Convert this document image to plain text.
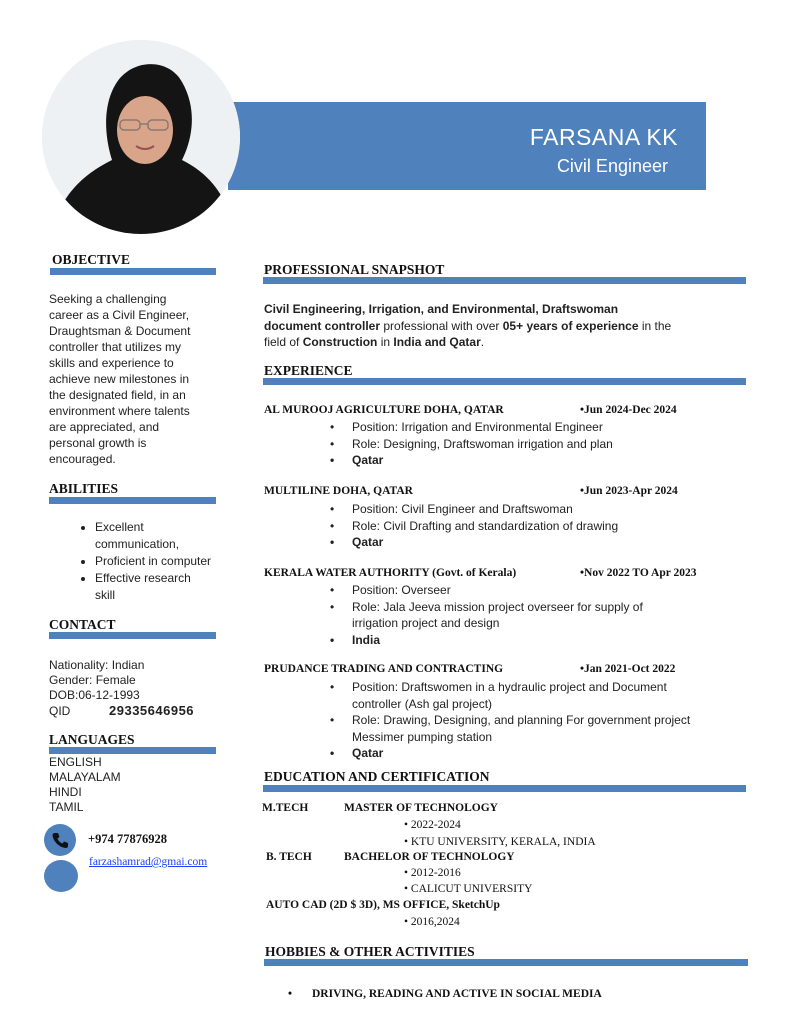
FARSANA KK
Civil Engineer
OBJECTIVE
Seeking a challenging
career as a Civil Engineer,
Draughtsman & Document
controller that utilizes my
skills and experience to
achieve new milestones in
the designated field, in an
environment where talents
are appreciated, and
personal growth is
encouraged.
ABILITIES
• Excellent communication,
• Proficient in computer
• Effective research skill
CONTACT
Nationality: Indian
Gender: Female
DOB:06-12-1993
QID	29335646956
LANGUAGES
ENGLISH
MALAYALAM
HINDI
TAMIL
+974 77876928
farzashamrad@gmai.com
PROFESSIONAL SNAPSHOT
Civil Engineering, Irrigation, and Environmental, Draftswoman
document controller professional with over 05+ years of experience in the
field of Construction in India and Qatar.
EXPERIENCE
AL MUROOJ AGRICULTURE DOHA, QATAR	•Jun 2024-Dec 2024
• Position: Irrigation and Environmental Engineer
• Role: Designing, Draftswoman irrigation and plan
• Qatar
MULTILINE DOHA, QATAR	•Jun 2023-Apr 2024
• Position: Civil Engineer and Draftswoman
• Role: Civil Drafting and standardization of drawing
• Qatar
KERALA WATER AUTHORITY (Govt. of Kerala)	•Nov 2022 TO Apr 2023
• Position: Overseer
• Role: Jala Jeeva mission project overseer for supply of
irrigation project and design
• India
PRUDANCE TRADING AND CONTRACTING	•Jan 2021-Oct 2022
• Position: Draftswomen in a hydraulic project and Document
controller (Ash gal project)
• Role: Drawing, Designing, and planning For government project
Messimer pumping station
• Qatar
EDUCATION AND CERTIFICATION
M.TECH	MASTER OF TECHNOLOGY
• 2022-2024
• KTU UNIVERSITY, KERALA, INDIA
B. TECH	BACHELOR OF TECHNOLOGY
• 2012-2016
• CALICUT UNIVERSITY
AUTO CAD (2D $ 3D), MS OFFICE, SketchUp
• 2016,2024
HOBBIES & OTHER ACTIVITIES
• DRIVING, READING AND ACTIVE IN SOCIAL MEDIA
